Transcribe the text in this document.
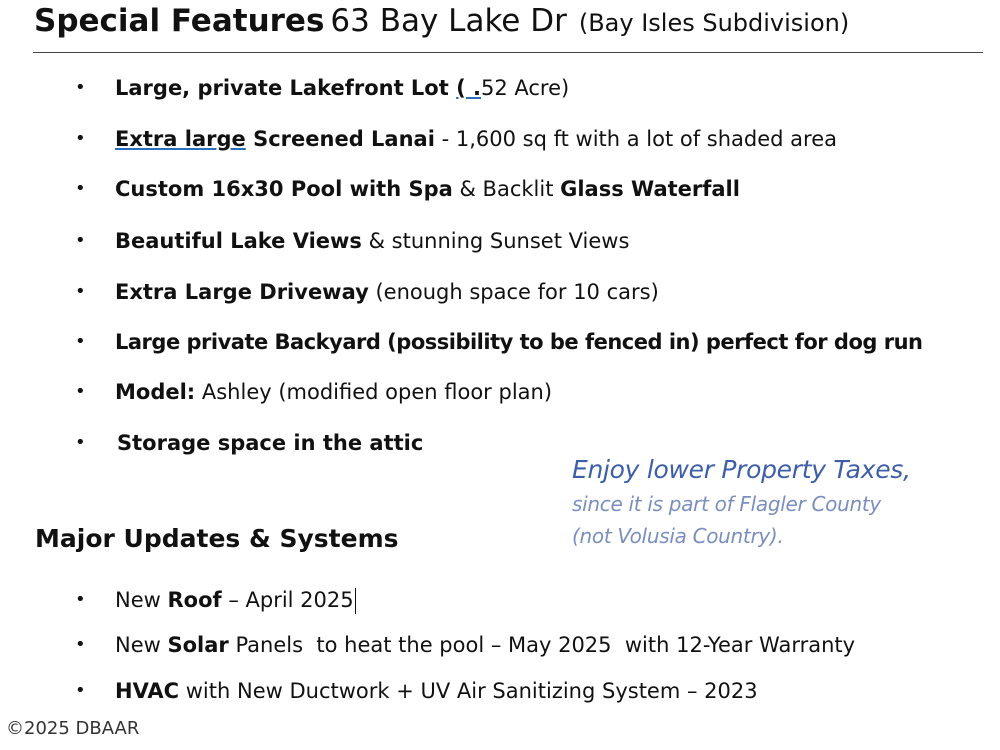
Special Features 63 Bay Lake Dr (Bay Isles Subdivision)
• Large, private Lakefront Lot ( .52 Acre)
• Extra large Screened Lanai - 1,600 sq ft with a lot of shaded area
• Custom 16x30 Pool with Spa & Backlit Glass Waterfall
• Beautiful Lake Views & stunning Sunset Views
• Extra Large Driveway (enough space for 10 cars)
• Large private Backyard (possibility to be fenced in) perfect for dog run
• Model: Ashley (modified open floor plan)
• Storage space in the attic
Enjoy lower Property Taxes,
since it is part of Flagler County
(not Volusia Country).
Major Updates & Systems
• New Roof – April 2025
• New Solar Panels  to heat the pool – May 2025  with 12-Year Warranty
• HVAC with New Ductwork + UV Air Sanitizing System – 2023
©2025 DBAAR
